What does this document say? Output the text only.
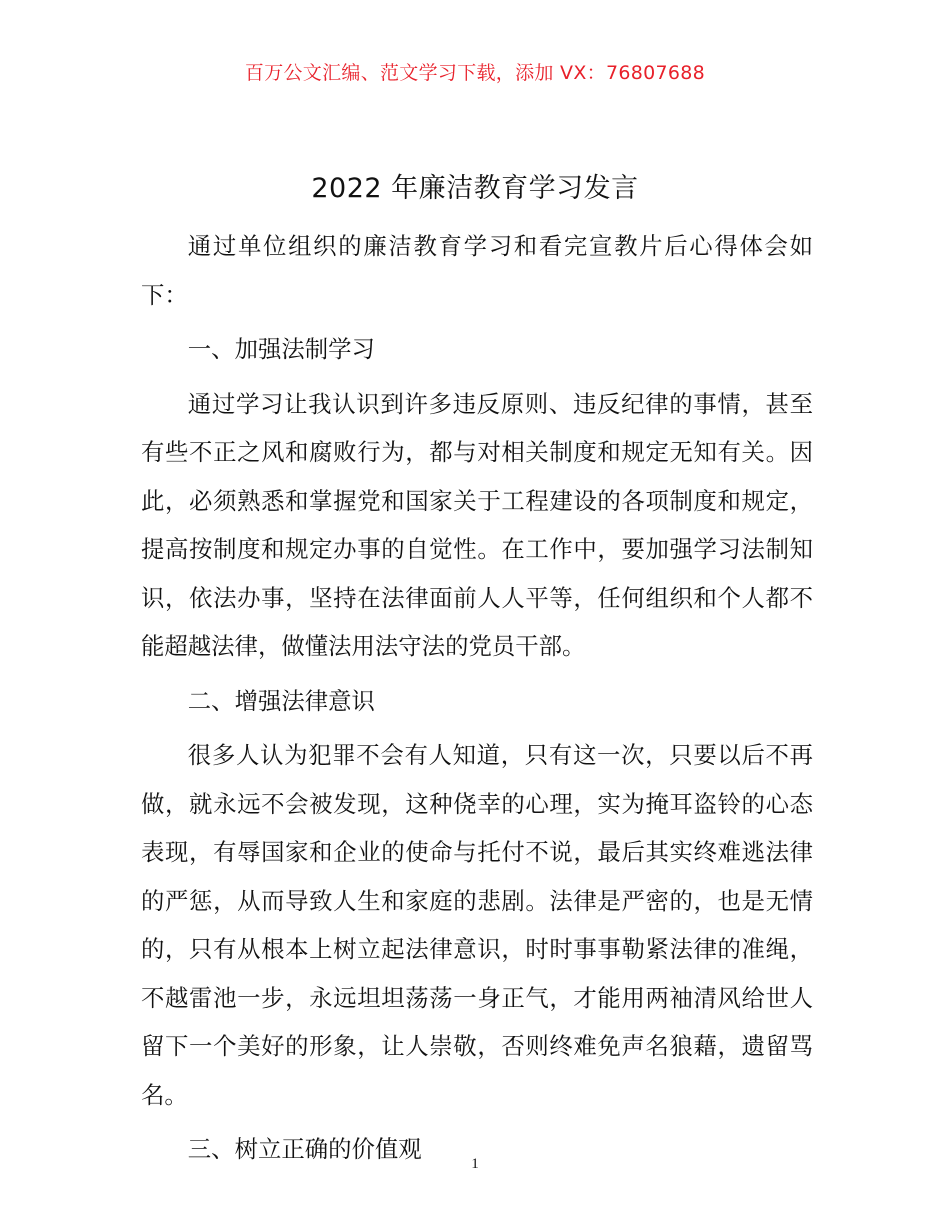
百万公文汇编、范文学习下载，添加 VX：76807688
2022 年廉洁教育学习发言

通过单位组织的廉洁教育学习和看完宣教片后心得体会如下：

一、加强法制学习

通过学习让我认识到许多违反原则、违反纪律的事情，甚至有些不正之风和腐败行为，都与对相关制度和规定无知有关。因此，必须熟悉和掌握党和国家关于工程建设的各项制度和规定，提高按制度和规定办事的自觉性。在工作中，要加强学习法制知识，依法办事，坚持在法律面前人人平等，任何组织和个人都不能超越法律，做懂法用法守法的党员干部。

二、增强法律意识

很多人认为犯罪不会有人知道，只有这一次，只要以后不再做，就永远不会被发现，这种侥幸的心理，实为掩耳盗铃的心态表现，有辱国家和企业的使命与托付不说，最后其实终难逃法律的严惩，从而导致人生和家庭的悲剧。法律是严密的，也是无情的，只有从根本上树立起法律意识，时时事事勒紧法律的准绳，不越雷池一步，永远坦坦荡荡一身正气，才能用两袖清风给世人留下一个美好的形象，让人崇敬，否则终难免声名狼藉，遗留骂名。

三、树立正确的价值观

1
